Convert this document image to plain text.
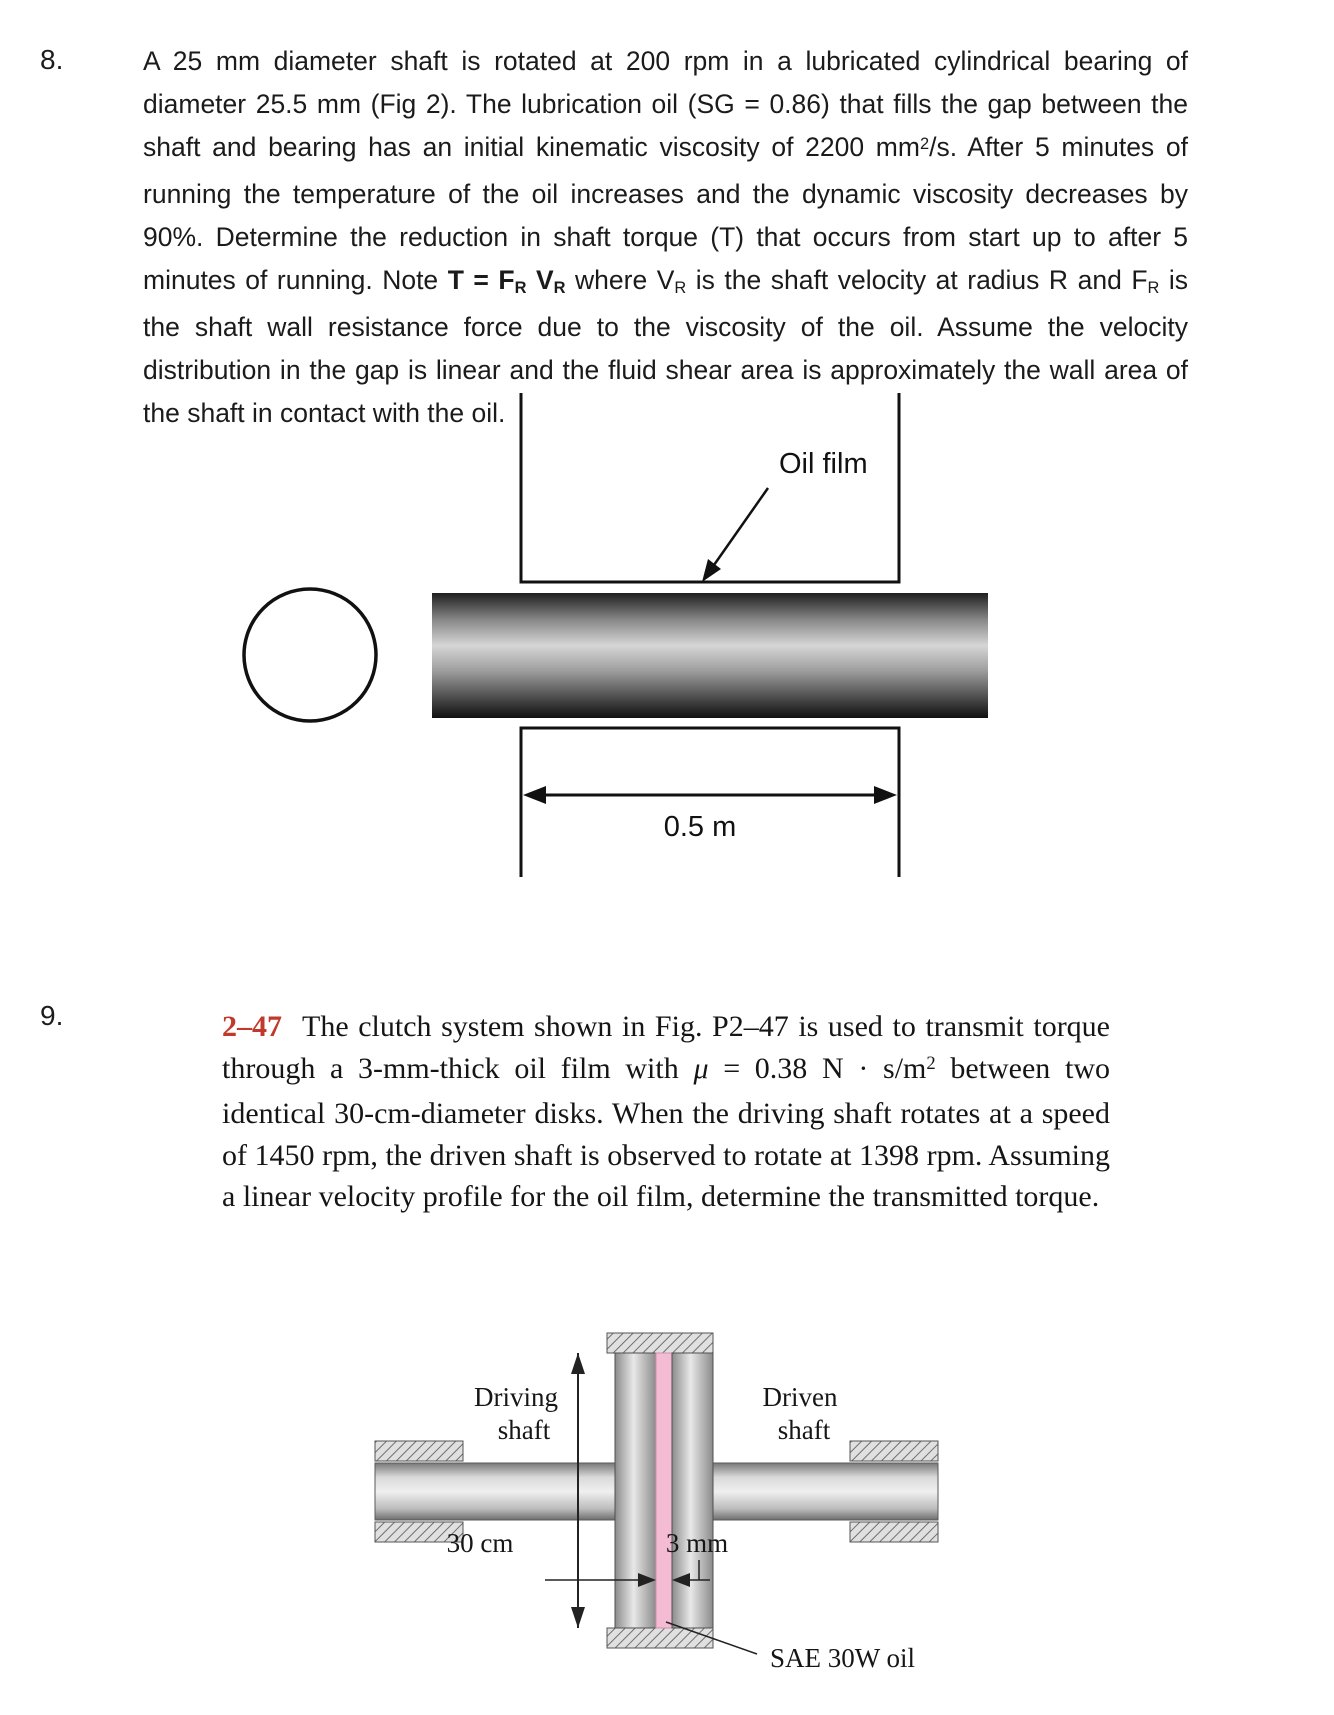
8.	A 25 mm diameter shaft is rotated at 200 rpm in a lubricated cylindrical bearing of diameter 25.5 mm (Fig 2). The lubrication oil (SG = 0.86) that fills the gap between the shaft and bearing has an initial kinematic viscosity of 2200 $mm^2/s$. After 5 minutes of running the temperature of the oil increases and the dynamic viscosity decreases by 90%. Determine the reduction in shaft torque (T) that occurs from start up to after 5 minutes of running. Note T = FR VR where VR is the shaft velocity at radius R and FR is the shaft wall resistance force due to the viscosity of the oil. Assume the velocity distribution in the gap is linear and the fluid shear area is approximately the wall area of the shaft in contact with the oil.
Oil film
0.5 m
9.	2–47 The clutch system shown in Fig. P2–47 is used to transmit torque through a 3-mm-thick oil film with μ = 0.38 $N \cdot s/m^2$ between two identical 30-cm-diameter disks. When the driving shaft rotates at a speed of 1450 rpm, the driven shaft is observed to rotate at 1398 rpm. Assuming a linear velocity profile for the oil film, determine the transmitted torque.
30 cm
Driving
shaft
Driven
shaft
3 mm
SAE 30W oil
